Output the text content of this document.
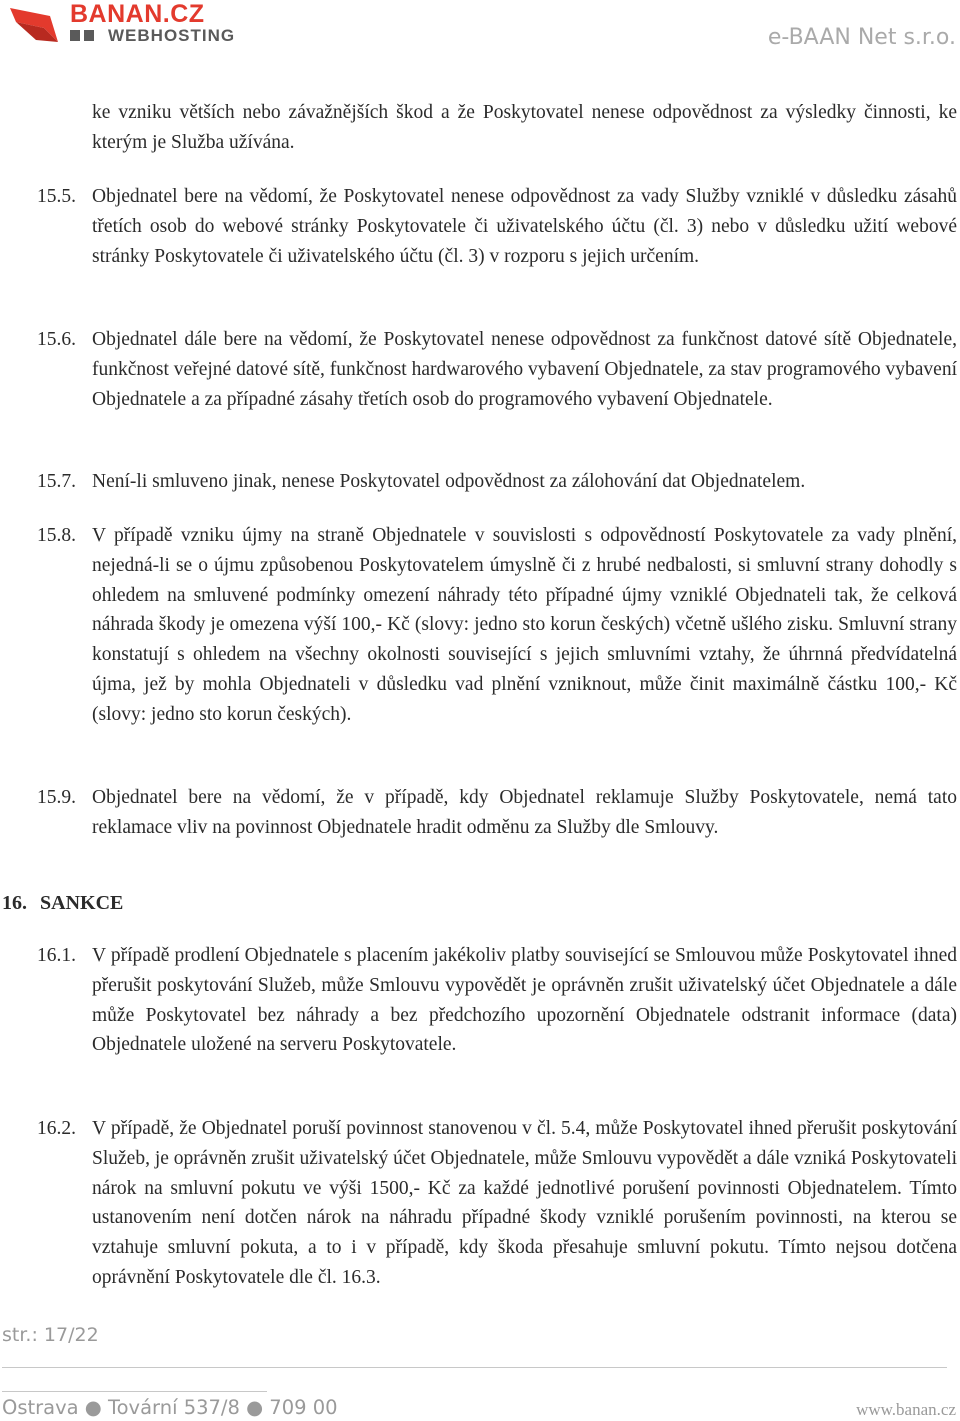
BANAN.CZ
WEBHOSTING	e-BAAN Net s.r.o.
ke vzniku větších nebo závažnějších škod a že Poskytovatel nenese odpovědnost za výsledky činnosti, ke kterým je Služba užívána.
15.5. Objednatel bere na vědomí, že Poskytovatel nenese odpovědnost za vady Služby vzniklé v důsledku zásahů třetích osob do webové stránky Poskytovatele či uživatelského účtu (čl. 3) nebo v důsledku užití webové stránky Poskytovatele či uživatelského účtu (čl. 3) v rozporu s jejich určením.
15.6. Objednatel dále bere na vědomí, že Poskytovatel nenese odpovědnost za funkčnost datové sítě Objednatele, funkčnost veřejné datové sítě, funkčnost hardwarového vybavení Objednatele, za stav programového vybavení Objednatele a za případné zásahy třetích osob do programového vybavení Objednatele.
15.7. Není-li smluveno jinak, nenese Poskytovatel odpovědnost za zálohování dat Objednatelem.
15.8. V případě vzniku újmy na straně Objednatele v souvislosti s odpovědností Poskytovatele za vady plnění, nejedná-li se o újmu způsobenou Poskytovatelem úmyslně či z hrubé nedbalosti, si smluvní strany dohodly s ohledem na smluvené podmínky omezení náhrady této případné újmy vzniklé Objednateli tak, že celková náhrada škody je omezena výší 100,- Kč (slovy: jedno sto korun českých) včetně ušlého zisku. Smluvní strany konstatují s ohledem na všechny okolnosti související s jejich smluvními vztahy, že úhrnná předvídatelná újma, jež by mohla Objednateli v důsledku vad plnění vzniknout, může činit maximálně částku 100,- Kč (slovy: jedno sto korun českých).
15.9. Objednatel bere na vědomí, že v případě, kdy Objednatel reklamuje Služby Poskytovatele, nemá tato reklamace vliv na povinnost Objednatele hradit odměnu za Služby dle Smlouvy.
16. SANKCE
16.1. V případě prodlení Objednatele s placením jakékoliv platby související se Smlouvou může Poskytovatel ihned přerušit poskytování Služeb, může Smlouvu vypovědět je oprávněn zrušit uživatelský účet Objednatele a dále může Poskytovatel bez náhrady a bez předchozího upozornění Objednatele odstranit informace (data) Objednatele uložené na serveru Poskytovatele.
16.2. V případě, že Objednatel poruší povinnost stanovenou v čl. 5.4, může Poskytovatel ihned přerušit poskytování Služeb, je oprávněn zrušit uživatelský účet Objednatele, může Smlouvu vypovědět a dále vzniká Poskytovateli nárok na smluvní pokutu ve výši 1500,- Kč za každé jednotlivé porušení povinnosti Objednatelem. Tímto ustanovením není dotčen nárok na náhradu případné škody vzniklé porušením povinnosti, na kterou se vztahuje smluvní pokuta, a to i v případě, kdy škoda přesahuje smluvní pokutu. Tímto nejsou dotčena oprávnění Poskytovatele dle čl. 16.3.
str.: 17/22
Ostrava ● Tovární 537/8 ● 709 00	www.banan.cz
